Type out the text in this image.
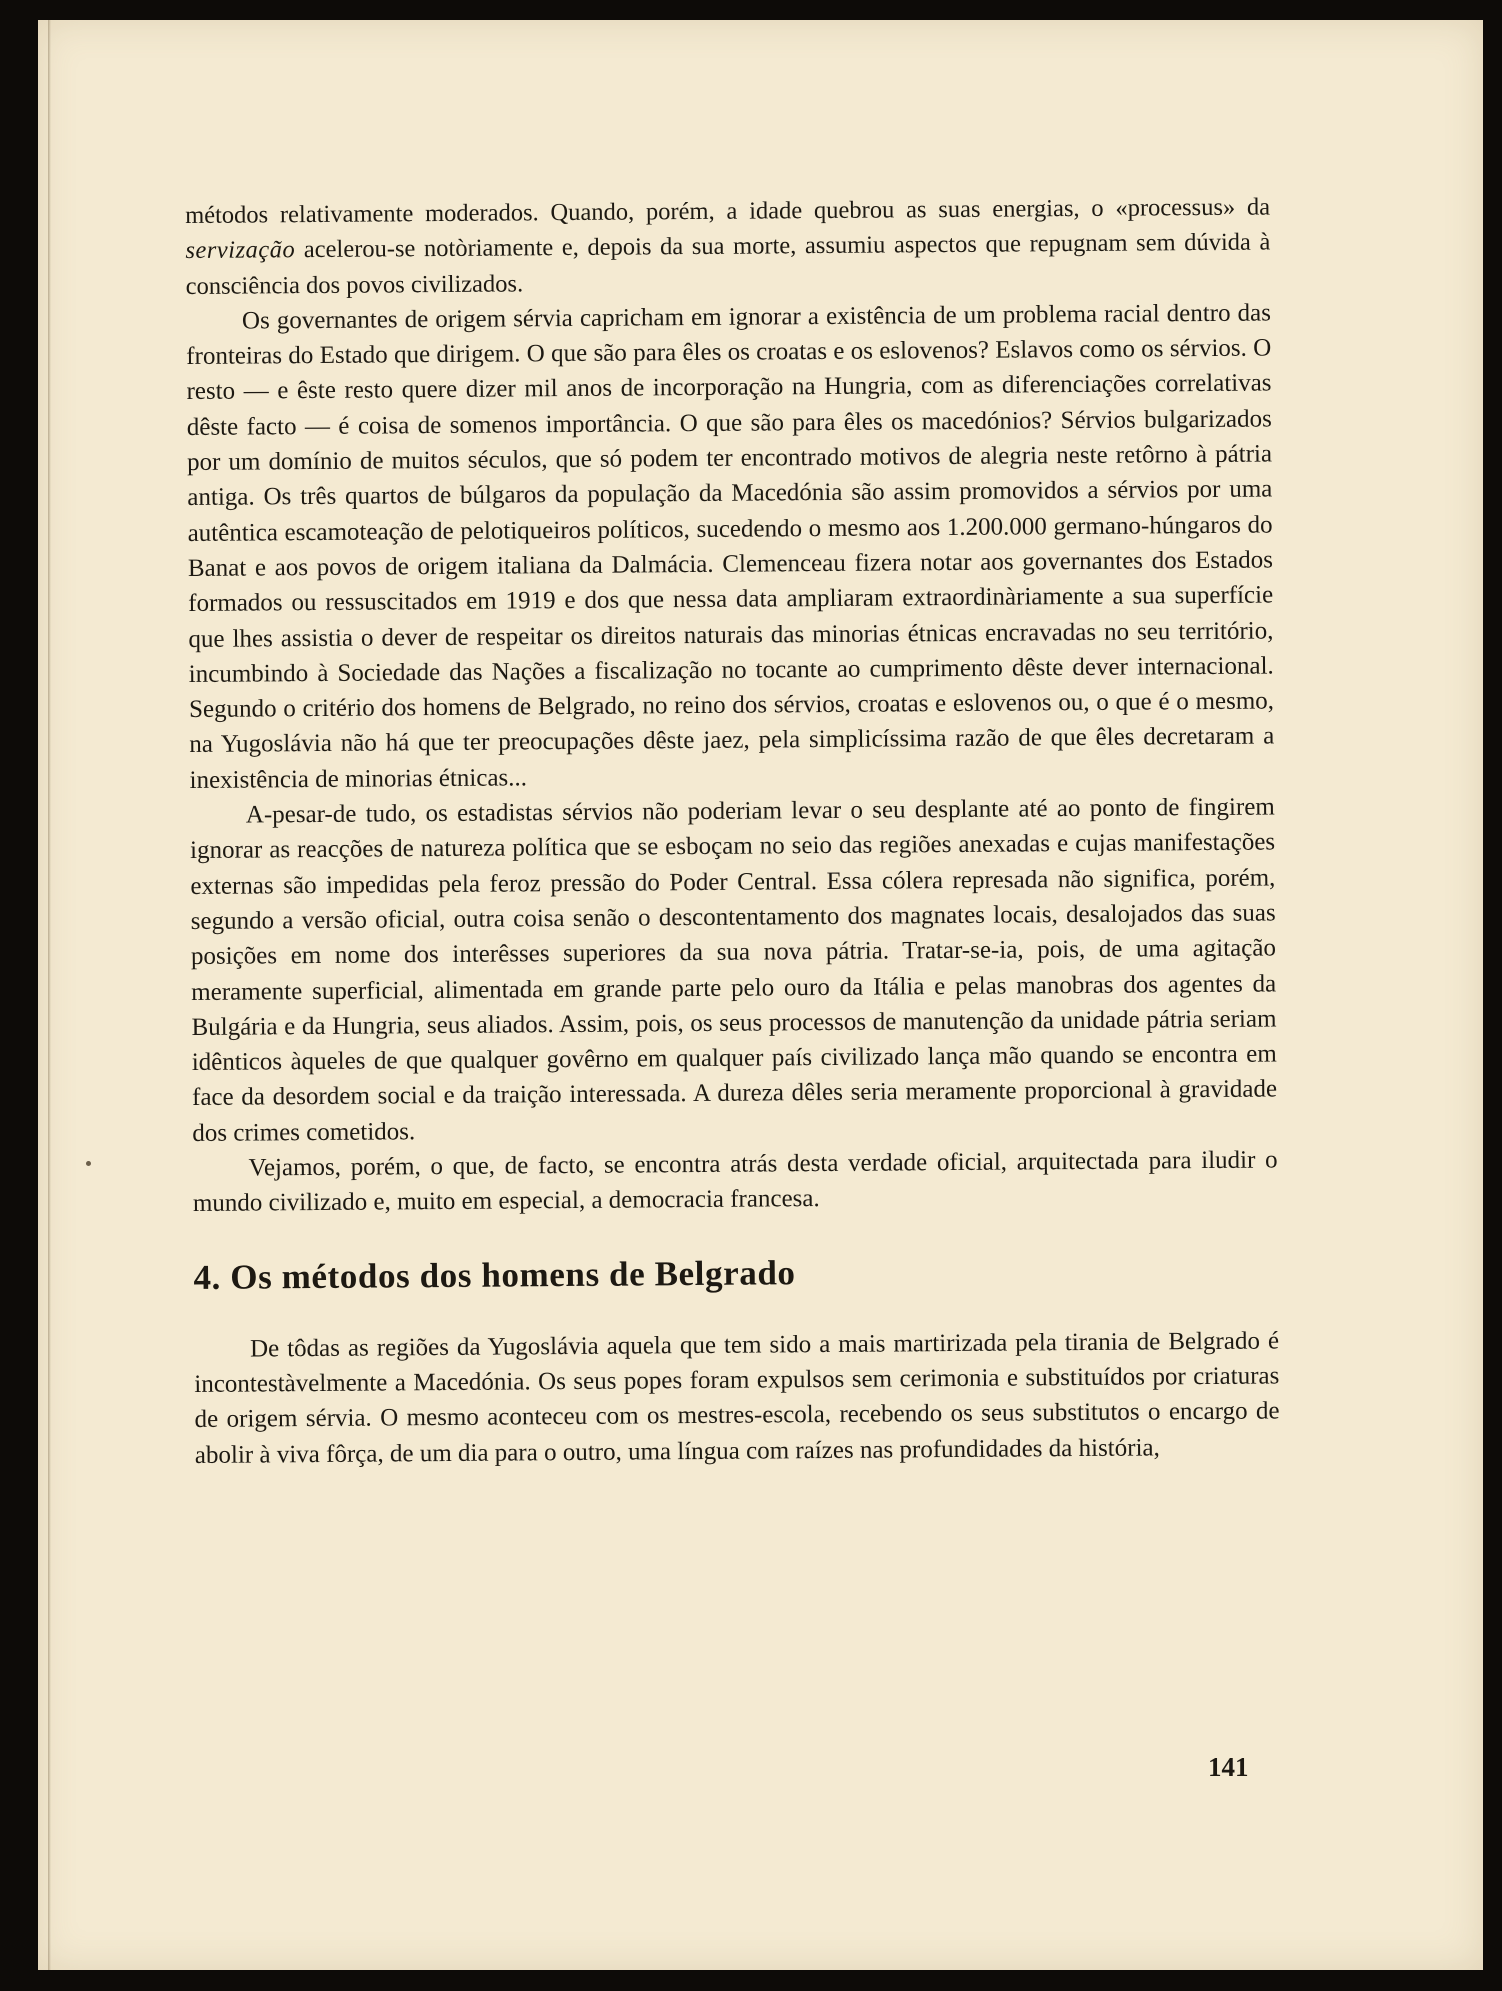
métodos relativamente moderados. Quando, porém, a idade quebrou as suas energias, o «processus» da servização acelerou-se notòriamente e, depois da sua morte, assumiu aspectos que repugnam sem dúvida à consciência dos povos civilizados.

Os governantes de origem sérvia capricham em ignorar a existência de um problema racial dentro das fronteiras do Estado que dirigem. O que são para êles os croatas e os eslovenos? Eslavos como os sérvios. O resto — e êste resto quere dizer mil anos de incorporação na Hungria, com as diferenciações correlativas dêste facto — é coisa de somenos importância. O que são para êles os macedónios? Sérvios bulgarizados por um domínio de muitos séculos, que só podem ter encontrado motivos de alegria neste retôrno à pátria antiga. Os três quartos de búlgaros da população da Macedónia são assim promovidos a sérvios por uma autêntica escamoteação de pelotiqueiros políticos, sucedendo o mesmo aos 1.200.000 germano-húngaros do Banat e aos povos de origem italiana da Dalmácia. Clemenceau fizera notar aos governantes dos Estados formados ou ressuscitados em 1919 e dos que nessa data ampliaram extraordinàriamente a sua superfície que lhes assistia o dever de respeitar os direitos naturais das minorias étnicas encravadas no seu território, incumbindo à Sociedade das Nações a fiscalização no tocante ao cumprimento dêste dever internacional. Segundo o critério dos homens de Belgrado, no reino dos sérvios, croatas e eslovenos ou, o que é o mesmo, na Yugoslávia não há que ter preocupações dêste jaez, pela simplicíssima razão de que êles decretaram a inexistência de minorias étnicas...

A-pesar-de tudo, os estadistas sérvios não poderiam levar o seu desplante até ao ponto de fingirem ignorar as reacções de natureza política que se esboçam no seio das regiões anexadas e cujas manifestações externas são impedidas pela feroz pressão do Poder Central. Essa cólera represada não significa, porém, segundo a versão oficial, outra coisa senão o descontentamento dos magnates locais, desalojados das suas posições em nome dos interêsses superiores da sua nova pátria. Tratar-se-ia, pois, de uma agitação meramente superficial, alimentada em grande parte pelo ouro da Itália e pelas manobras dos agentes da Bulgária e da Hungria, seus aliados. Assim, pois, os seus processos de manutenção da unidade pátria seriam idênticos àqueles de que qualquer govêrno em qualquer país civilizado lança mão quando se encontra em face da desordem social e da traição interessada. A dureza dêles seria meramente proporcional à gravidade dos crimes cometidos.

Vejamos, porém, o que, de facto, se encontra atrás desta verdade oficial, arquitectada para iludir o mundo civilizado e, muito em especial, a democracia francesa.

4. Os métodos dos homens de Belgrado

De tôdas as regiões da Yugoslávia aquela que tem sido a mais martirizada pela tirania de Belgrado é incontestàvelmente a Macedónia. Os seus popes foram expulsos sem cerimonia e substituídos por criaturas de origem sérvia. O mesmo aconteceu com os mestres-escola, recebendo os seus substitutos o encargo de abolir à viva fôrça, de um dia para o outro, uma língua com raízes nas profundidades da história,

141
